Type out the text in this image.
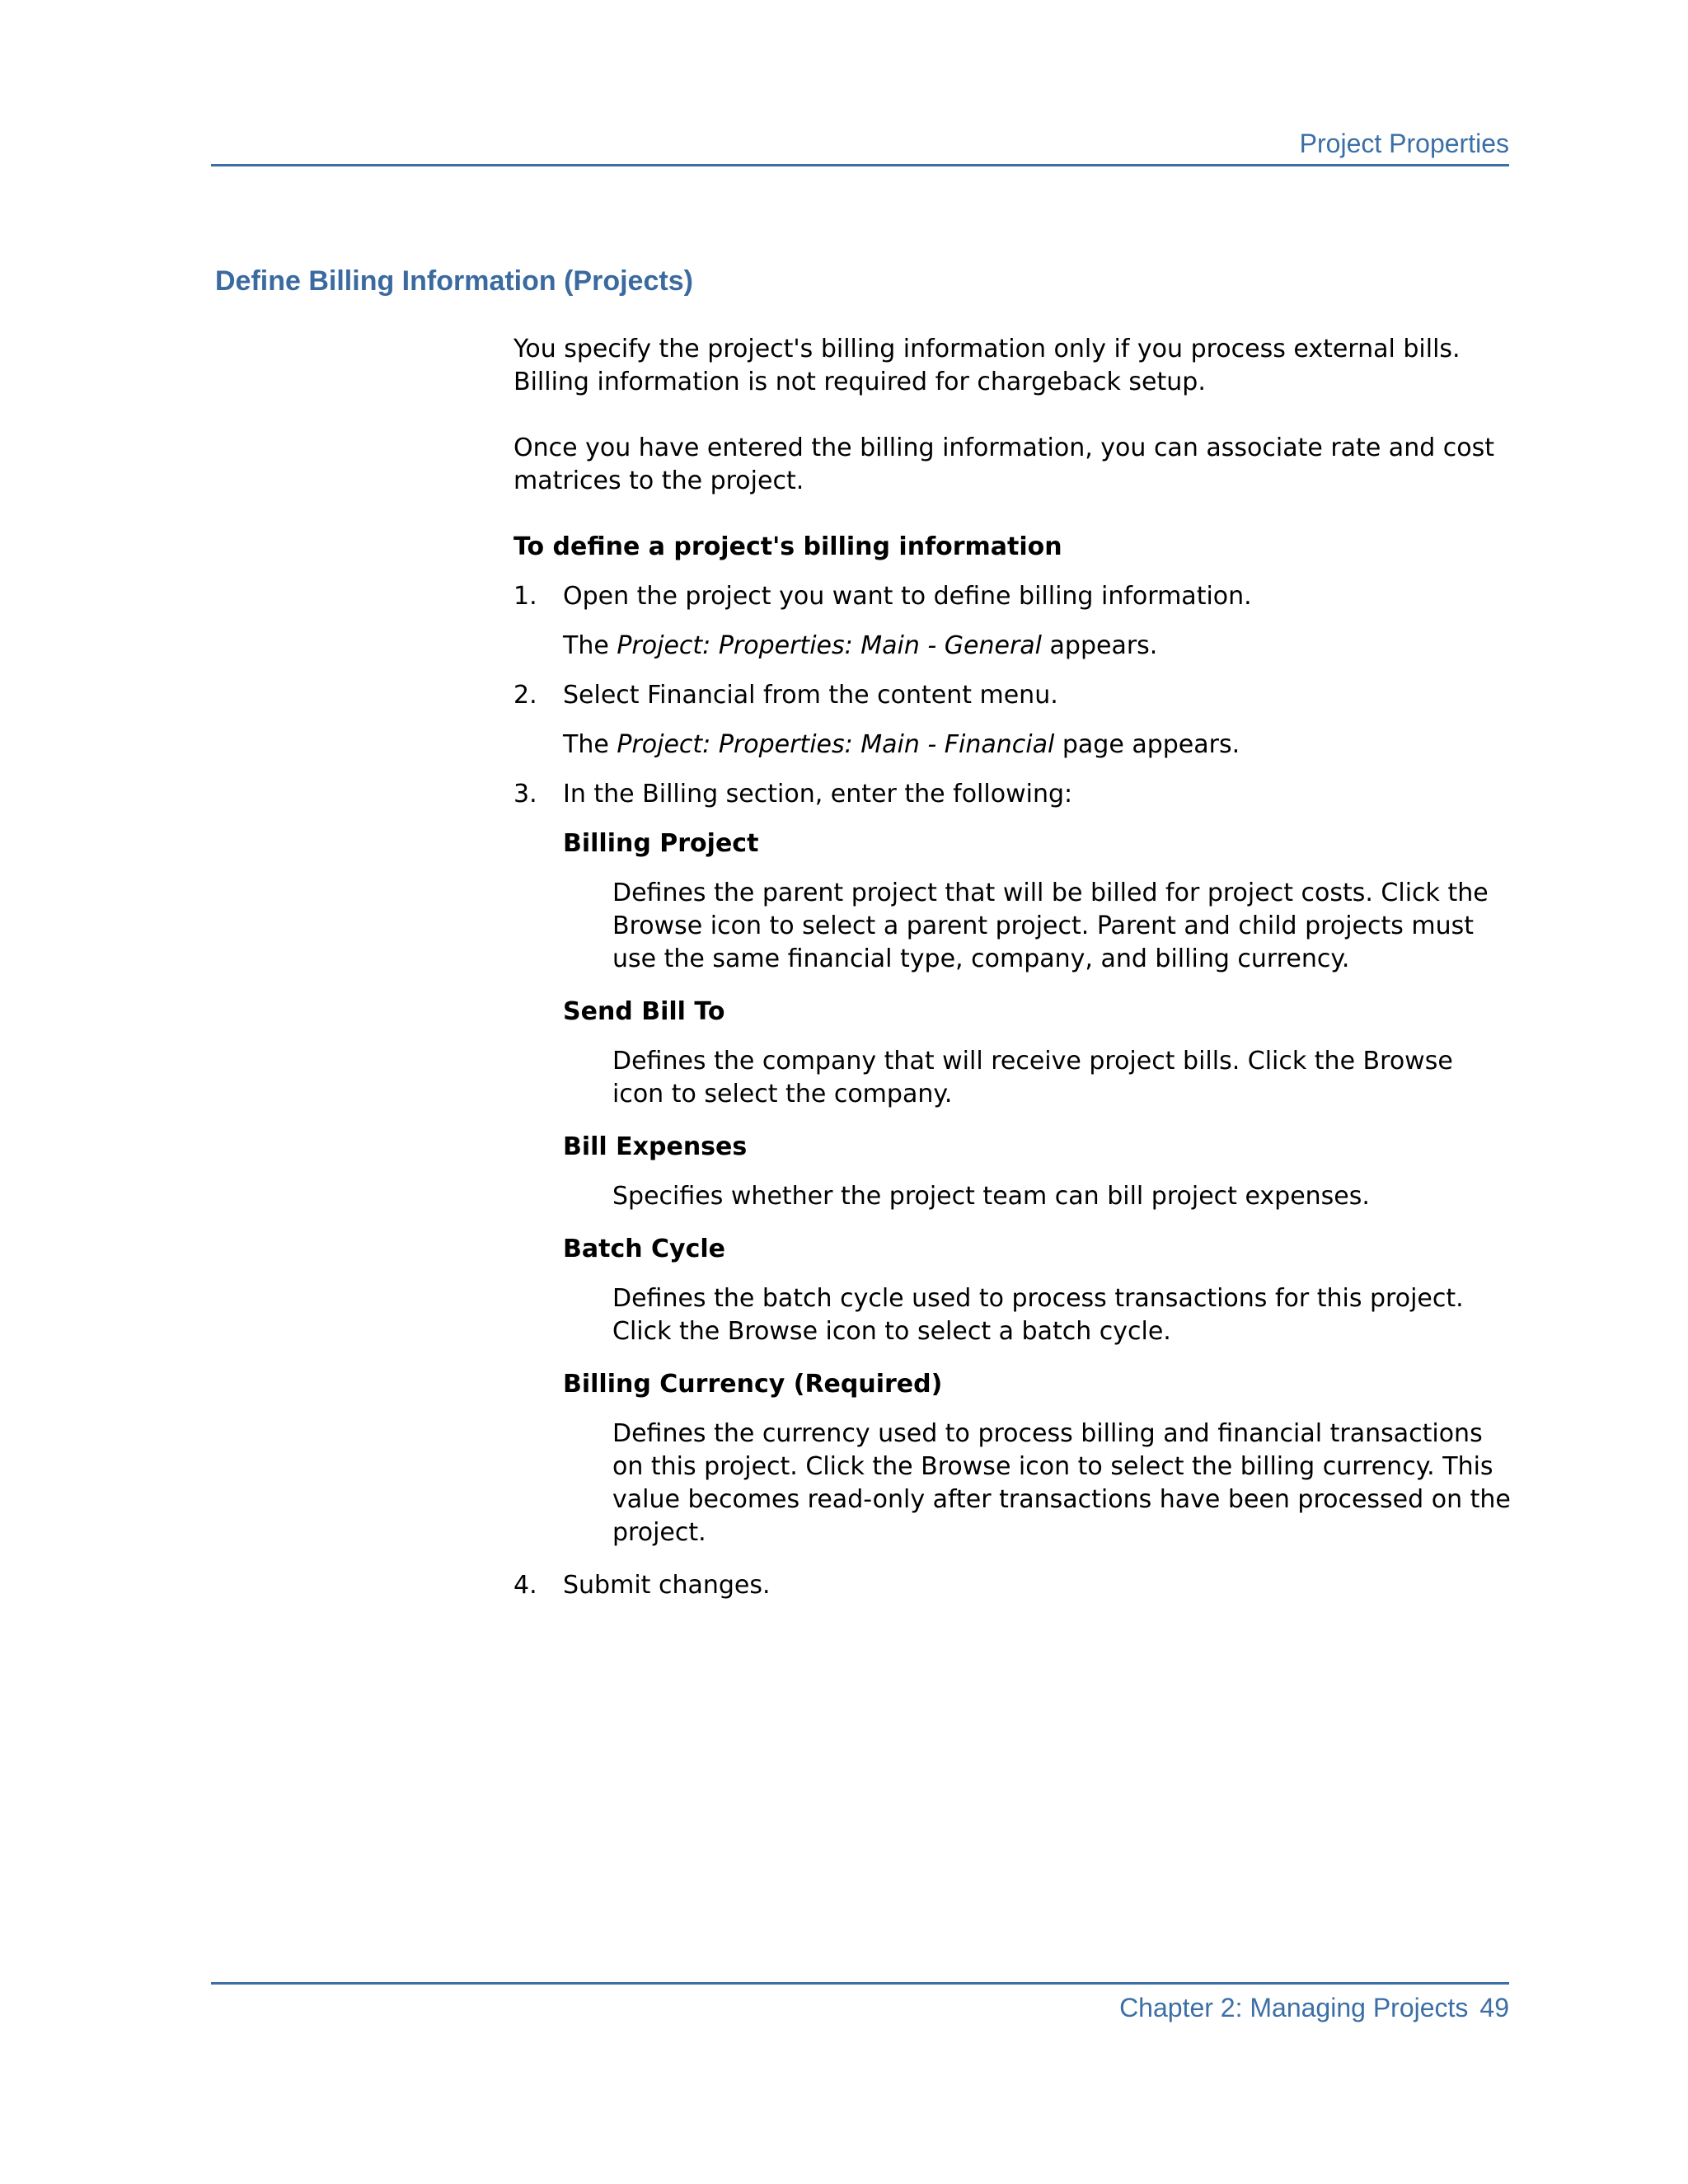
Project Properties
Define Billing Information (Projects)

You specify the project's billing information only if you process external bills. Billing information is not required for chargeback setup.

Once you have entered the billing information, you can associate rate and cost matrices to the project.

To define a project's billing information

1.	Open the project you want to define billing information.

The Project: Properties: Main - General appears.

2.	Select Financial from the content menu.

The Project: Properties: Main - Financial page appears.

3.	In the Billing section, enter the following:

Billing Project

Defines the parent project that will be billed for project costs. Click the Browse icon to select a parent project. Parent and child projects must use the same financial type, company, and billing currency.

Send Bill To

Defines the company that will receive project bills. Click the Browse icon to select the company.

Bill Expenses

Specifies whether the project team can bill project expenses.

Batch Cycle

Defines the batch cycle used to process transactions for this project. Click the Browse icon to select a batch cycle.

Billing Currency (Required)

Defines the currency used to process billing and financial transactions on this project. Click the Browse icon to select the billing currency. This value becomes read-only after transactions have been processed on the project.

4.	Submit changes.
Chapter 2: Managing Projects 49
